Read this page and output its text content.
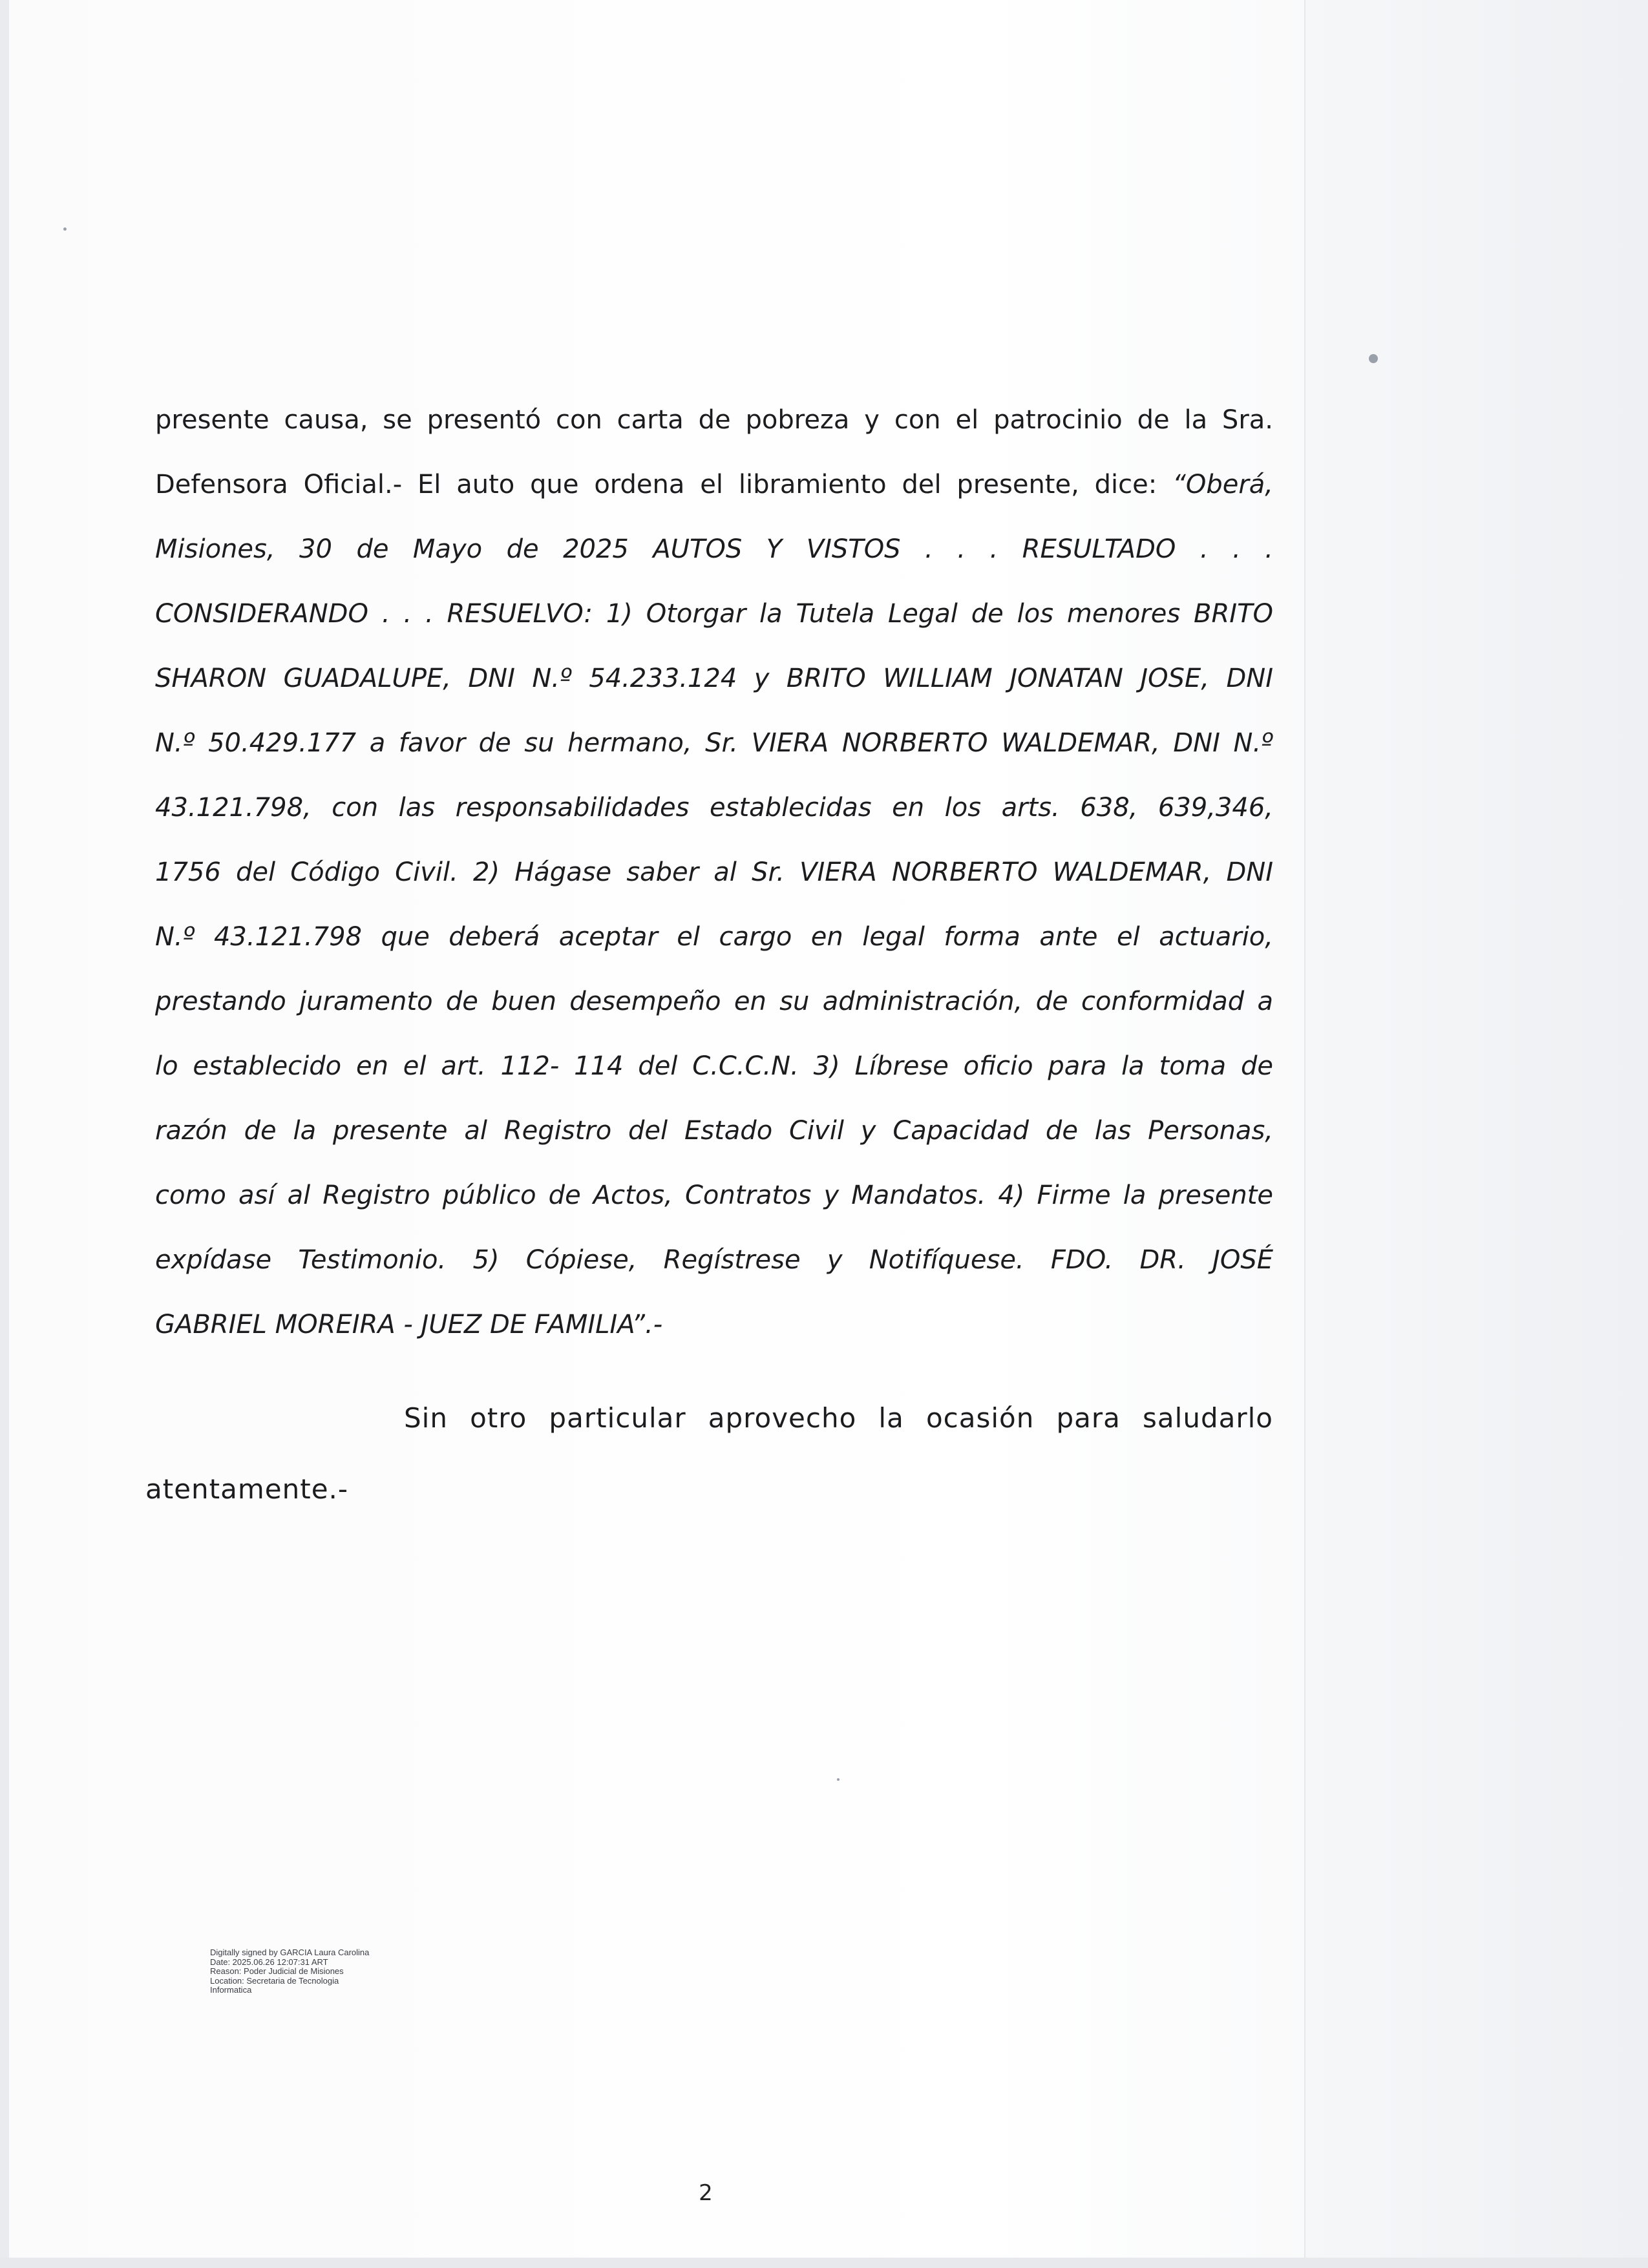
presente causa, se presentó con carta de pobreza y con el patrocinio de la Sra.
Defensora Oficial.- El auto que ordena el libramiento del presente, dice: “Oberá,
Misiones, 30 de Mayo de 2025 AUTOS Y VISTOS . . . RESULTADO . . .
CONSIDERANDO . . . RESUELVO: 1) Otorgar la Tutela Legal de los menores BRITO
SHARON GUADALUPE, DNI N.º 54.233.124 y BRITO WILLIAM JONATAN JOSE, DNI
N.º 50.429.177 a favor de su hermano, Sr. VIERA NORBERTO WALDEMAR, DNI N.º
43.121.798, con las responsabilidades establecidas en los arts. 638, 639,346,
1756 del Código Civil. 2) Hágase saber al Sr. VIERA NORBERTO WALDEMAR, DNI
N.º 43.121.798 que deberá aceptar el cargo en legal forma ante el actuario,
prestando juramento de buen desempeño en su administración, de conformidad a
lo establecido en el art. 112- 114 del C.C.C.N. 3) Líbrese oficio para la toma de
razón de la presente al Registro del Estado Civil y Capacidad de las Personas,
como así al Registro público de Actos, Contratos y Mandatos. 4) Firme la presente
expídase Testimonio. 5) Cópiese, Regístrese y Notifíquese. FDO. DR. JOSÉ
GABRIEL MOREIRA - JUEZ DE FAMILIA”.-
Sin otro particular aprovecho la ocasión para saludarlo
atentamente.-
Digitally signed by GARCIA Laura Carolina
Date: 2025.06.26 12:07:31 ART
Reason: Poder Judicial de Misiones
Location: Secretaria de Tecnologia
Informatica
2
